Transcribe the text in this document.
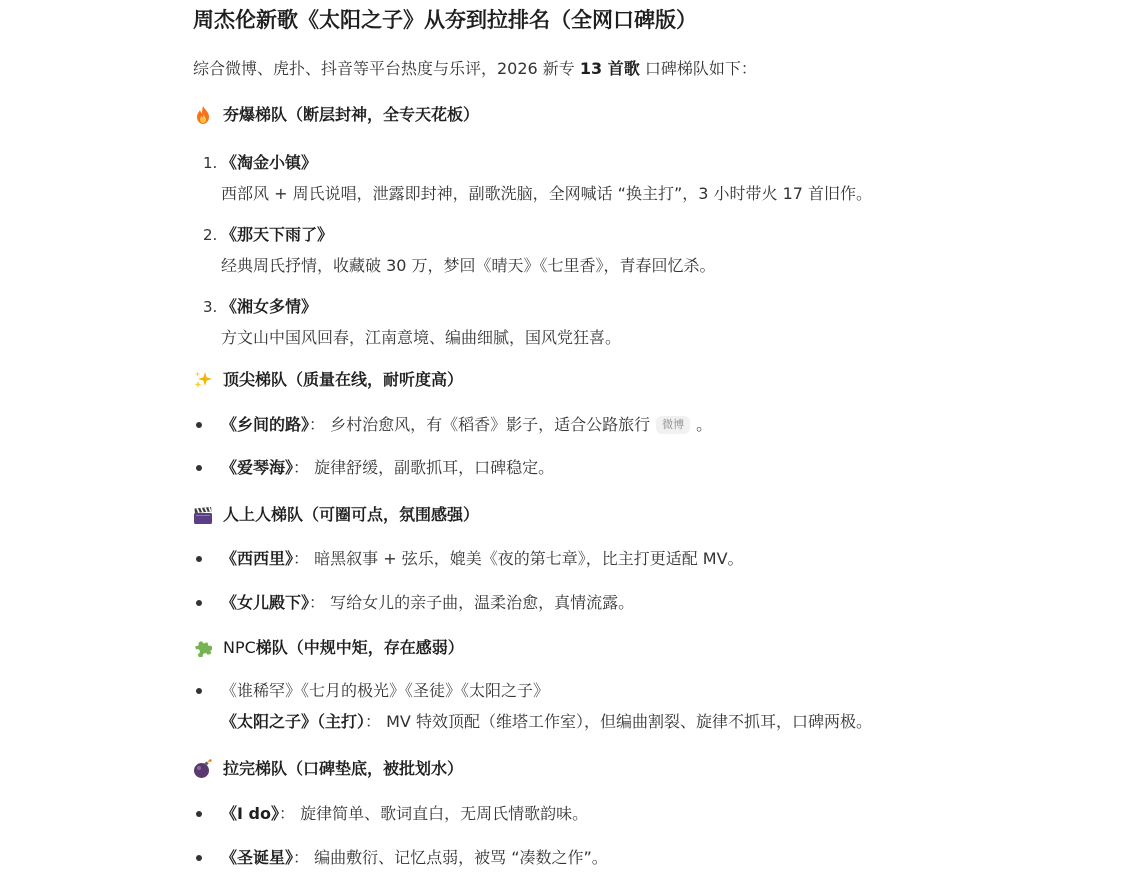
周杰伦新歌《太阳之子》从夯到拉排名（全网口碑版）
综合微博、虎扑、抖音等平台热度与乐评，2026 新专 13 首歌 口碑梯队如下：
夯爆梯队（断层封神，全专天花板）
1. 《淘金小镇》
西部风 + 周氏说唱，泄露即封神，副歌洗脑，全网喊话 “换主打”，3 小时带火 17 首旧作。
2. 《那天下雨了》
经典周氏抒情，收藏破 30 万，梦回《晴天》《七里香》，青春回忆杀。
3. 《湘女多情》
方文山中国风回春，江南意境、编曲细腻，国风党狂喜。
顶尖梯队（质量在线，耐听度高）
《乡间的路》： 乡村治愈风，有《稻香》影子，适合公路旅行 微博 。
《爱琴海》： 旋律舒缓，副歌抓耳，口碑稳定。
人上人梯队（可圈可点，氛围感强）
《西西里》： 暗黑叙事 + 弦乐，媲美《夜的第七章》，比主打更适配 MV。
《女儿殿下》： 写给女儿的亲子曲，温柔治愈，真情流露。
NPC 梯队（中规中矩，存在感弱）
《谁稀罕》《七月的极光》《圣徒》《太阳之子》
《太阳之子》（主打）： MV 特效顶配（维塔工作室），但编曲割裂、旋律不抓耳，口碑两极。
拉完梯队（口碑垫底，被批划水）
《I do》： 旋律简单、歌词直白，无周氏情歌韵味。
《圣诞星》： 编曲敷衍、记忆点弱，被骂 “凑数之作”。
